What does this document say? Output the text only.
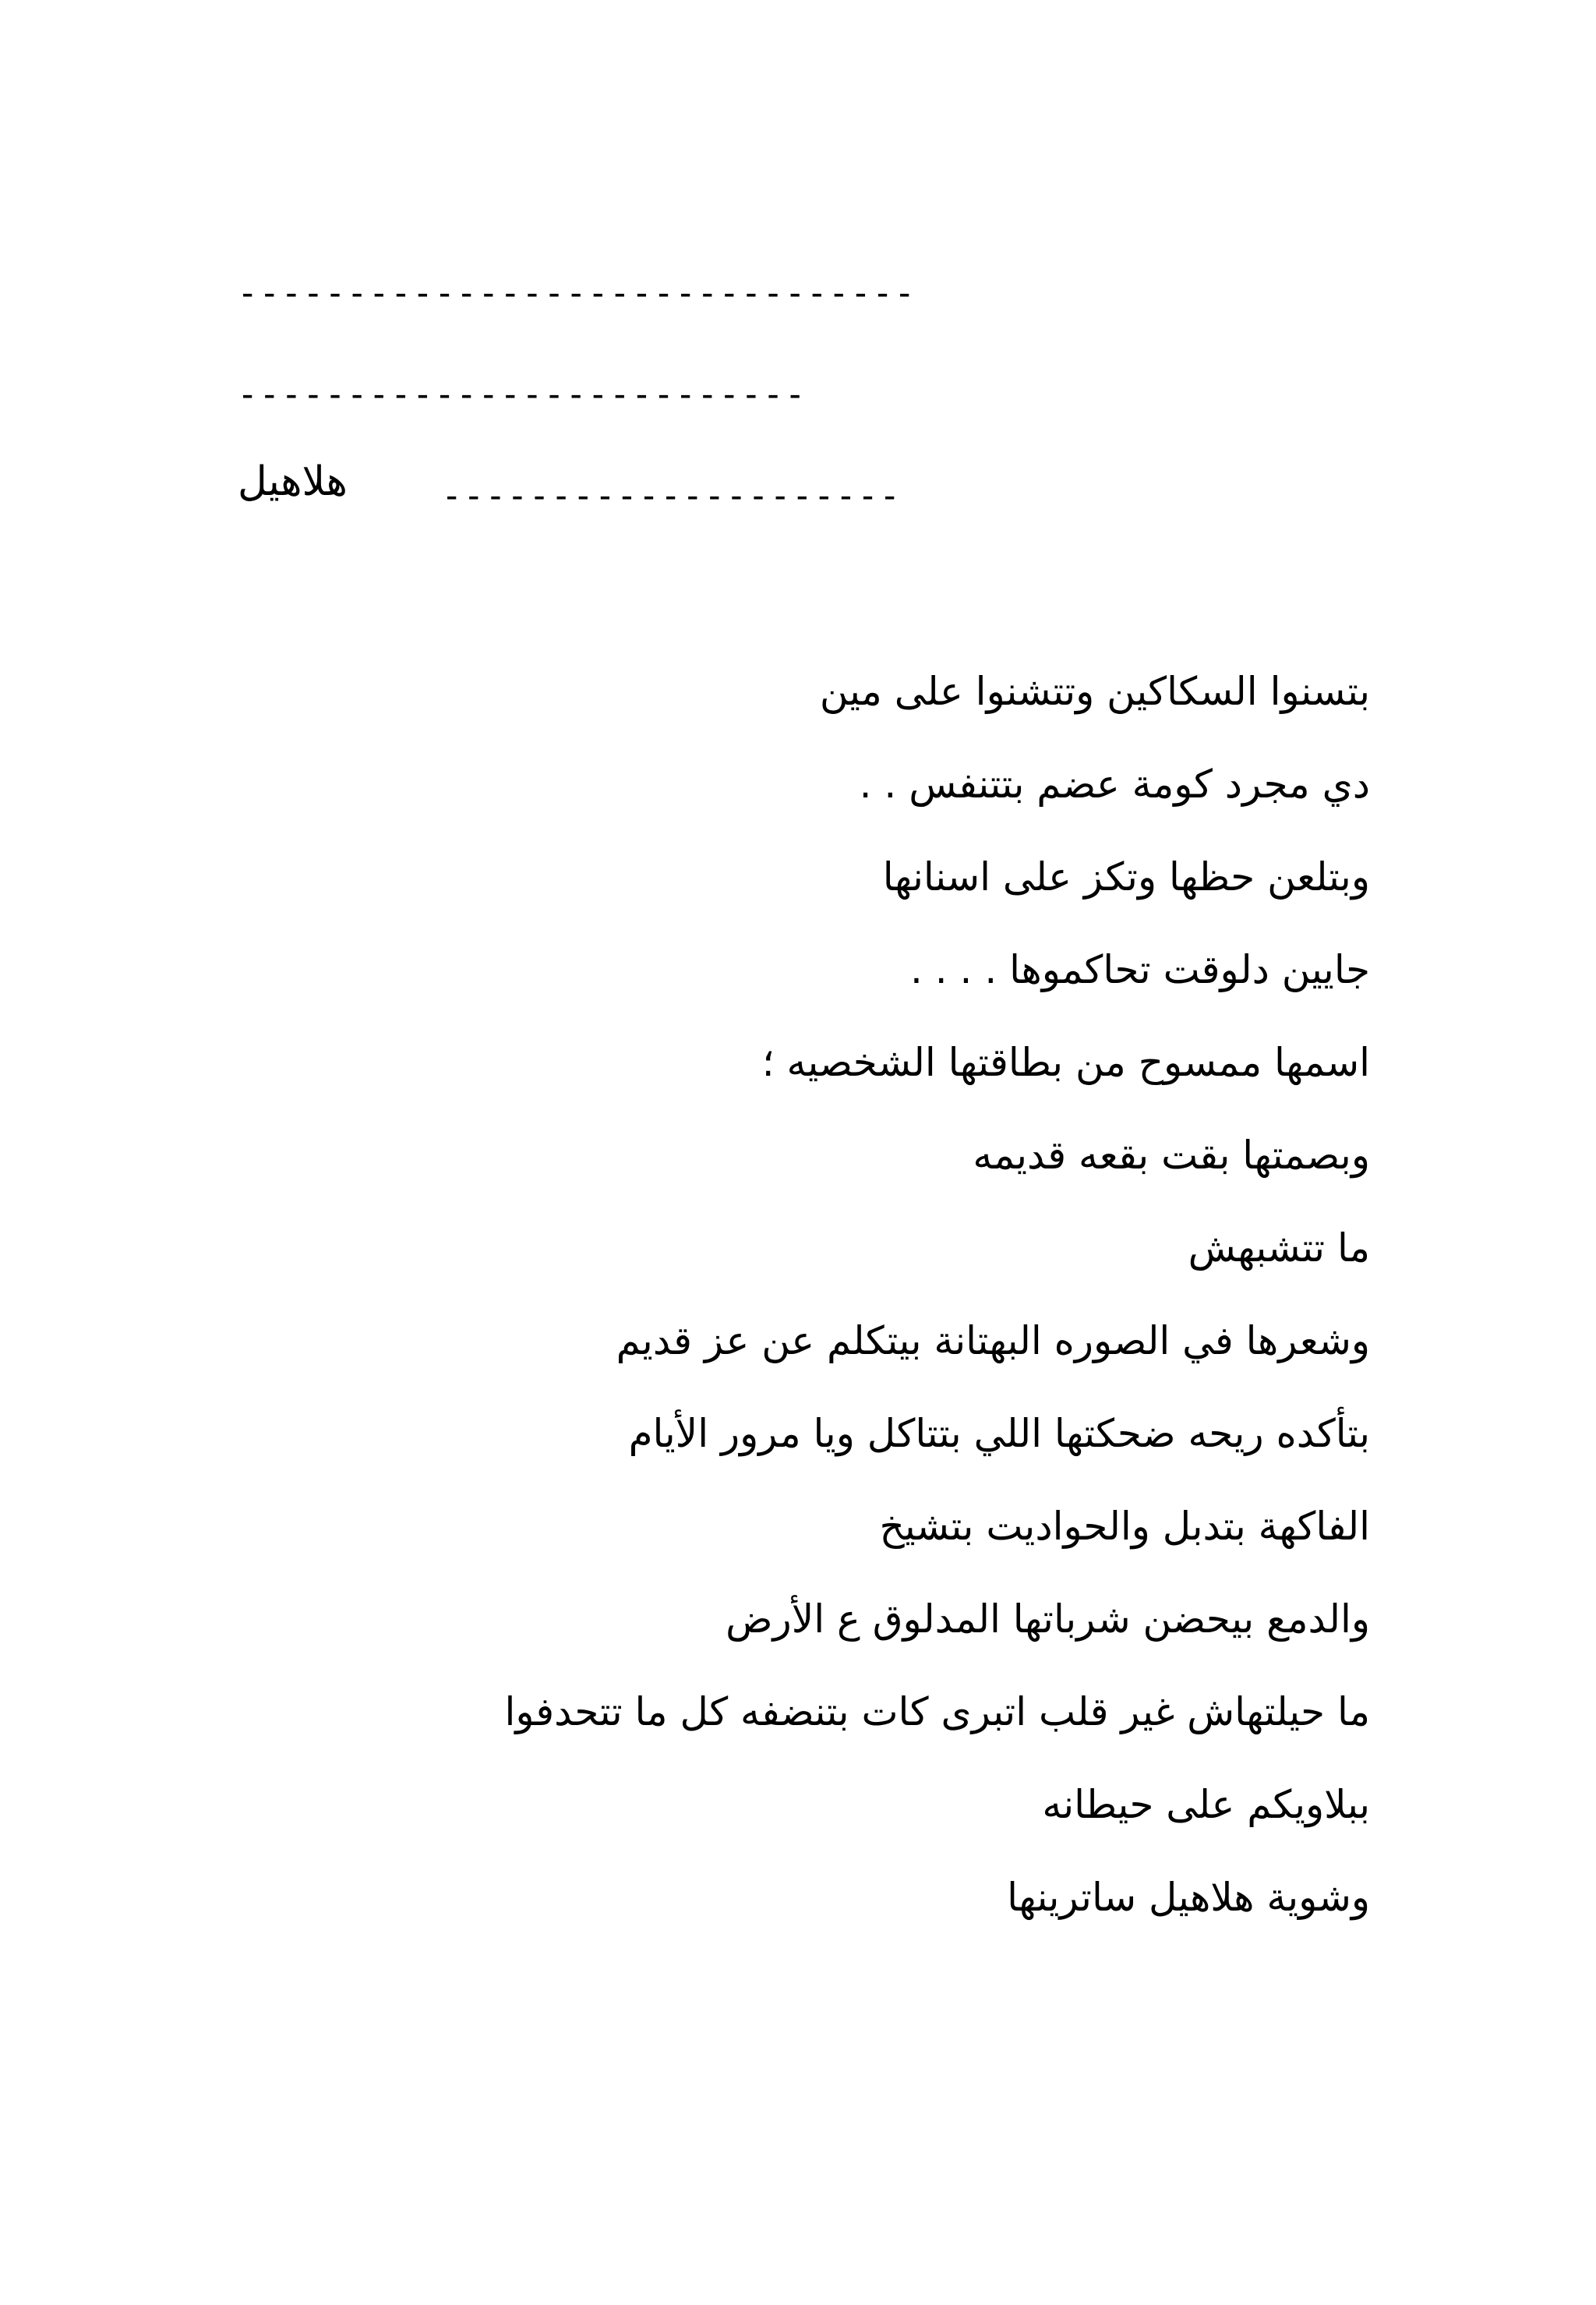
- - - - - - - - - - - - - - - - - - - - - - - - - - - - - - -
- - - - - - - - - - - - - - - - - - - - - - - - - -
- - - - - - - - - - - - - - - - - - - - -
هلاهيل
بتسنوا السكاكين وتتشنوا على مين
دي مجرد كومة عضم بتتنفس . .
وبتلعن حظها وتكز على اسنانها
جايين دلوقت تحاكموها . . . .
اسمها ممسوح من بطاقتها الشخصيه ؛
وبصمتها بقت بقعه قديمه
ما تتشبهش
وشعرها في الصوره البهتانة بيتكلم عن عز قديم
بتأكده ريحه ضحكتها اللي بتتاكل ويا مرور الأيام
الفاكهة بتدبل والحواديت بتشيخ
والدمع بيحضن شرباتها المدلوق ع الأرض
ما حيلتهاش غير قلب اتبرى كات بتنضفه كل ما تتحدفوا
ببلاويكم على حيطانه
وشوية هلاهيل ساترينها
